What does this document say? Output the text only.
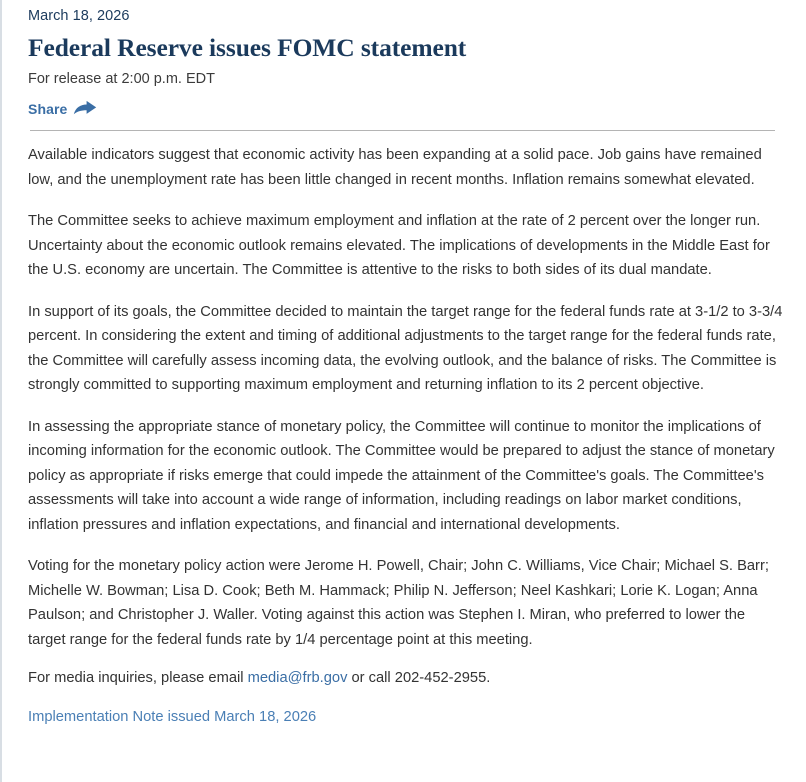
March 18, 2026
Federal Reserve issues FOMC statement
For release at 2:00 p.m. EDT
Share

Available indicators suggest that economic activity has been expanding at a solid pace. Job gains have remained low, and the unemployment rate has been little changed in recent months. Inflation remains somewhat elevated.

The Committee seeks to achieve maximum employment and inflation at the rate of 2 percent over the longer run. Uncertainty about the economic outlook remains elevated. The implications of developments in the Middle East for the U.S. economy are uncertain. The Committee is attentive to the risks to both sides of its dual mandate.

In support of its goals, the Committee decided to maintain the target range for the federal funds rate at 3-1/2 to 3-3/4 percent. In considering the extent and timing of additional adjustments to the target range for the federal funds rate, the Committee will carefully assess incoming data, the evolving outlook, and the balance of risks. The Committee is strongly committed to supporting maximum employment and returning inflation to its 2 percent objective.

In assessing the appropriate stance of monetary policy, the Committee will continue to monitor the implications of incoming information for the economic outlook. The Committee would be prepared to adjust the stance of monetary policy as appropriate if risks emerge that could impede the attainment of the Committee's goals. The Committee's assessments will take into account a wide range of information, including readings on labor market conditions, inflation pressures and inflation expectations, and financial and international developments.

Voting for the monetary policy action were Jerome H. Powell, Chair; John C. Williams, Vice Chair; Michael S. Barr; Michelle W. Bowman; Lisa D. Cook; Beth M. Hammack; Philip N. Jefferson; Neel Kashkari; Lorie K. Logan; Anna Paulson; and Christopher J. Waller. Voting against this action was Stephen I. Miran, who preferred to lower the target range for the federal funds rate by 1/4 percentage point at this meeting.

For media inquiries, please email media@frb.gov or call 202-452-2955.

Implementation Note issued March 18, 2026
